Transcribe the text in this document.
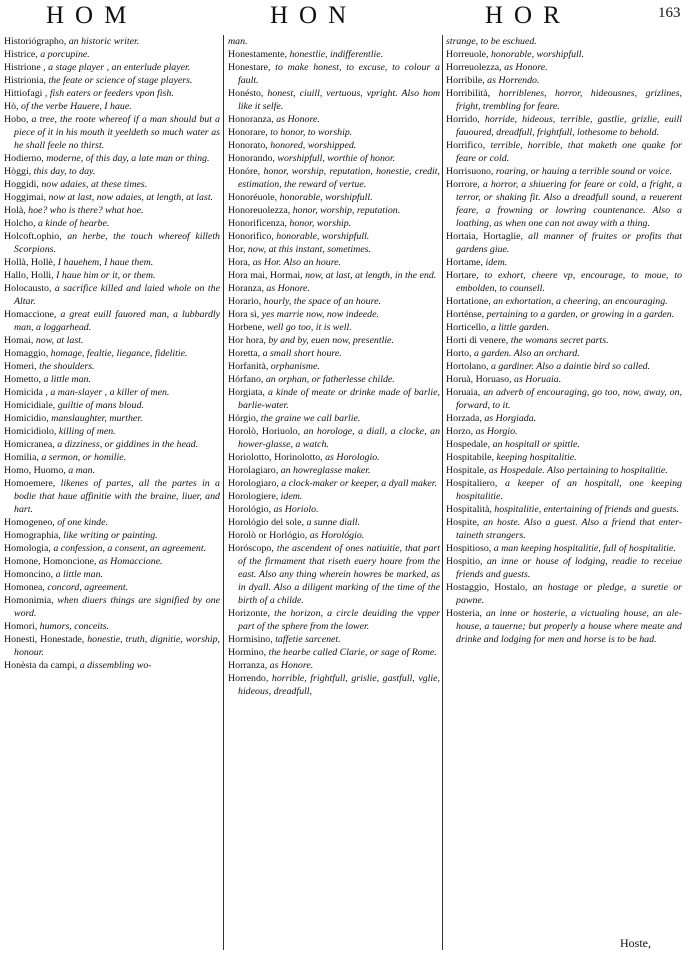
HOM	HON	HOR	163
Historiógrapho, an historic writer.
Histrice, a porcupine.
Histrione , a stage player , an enterlude player.
Histrionia, the feate or science of stage players.
Hittiofagi , fish eaters or feeders vpon fish.
Hò, of the verbe Hauere, I haue.
Hobo, a tree, the roote whereof if a man should but a piece of it in his mouth it yeeldeth so much water as he shall feele no thirst.
Hodierno, moderne, of this day, a late man or thing.
Hòggi, this day, to day.
Hoggidì, now adaies, at these times.
Hoggimai, now at last, now adaies, at length, at last.
Holà, hoe? who is there? what hoe.
Holcho, a kinde of hearbe.
Holcoft.ophio, an herbe, the touch whereof killeth Scorpions.
Hollà, Hollè, I hauehem, I haue them.
Hallo, Holli, I haue him or it, or them.
Holocausto, a sacrifice killed and laied whole on the Altar.
Homaccione, a great euill fauored man, a lubbardly man, a loggarhead.
Homai, now, at last.
Homaggio, homage, fealtie, liegance, fidelitie.
Homeri, the shoulders.
Hometto, a little man.
Homicida , a man-slayer , a killer of men.
Homicidiale, guiltie of mans bloud.
Homicidio, manslaughter, murther.
Homicidiolo, killing of men.
Homicranea, a dizziness, or giddines in the head.
Homilia, a sermon, or homilie.
Homo, Huomo, a man.
Homoemere, likenes of partes, all the partes in a bodie that haue affinitie with the braine, liuer, and hart.
Homogeneo, of one kinde.
Homographia, like writing or painting.
Homologia, a confession, a consent, an agreement.
Homone, Homoncione, as Homaccione.
Homoncino, a little man.
Homonea, concord, agreement.
Homonimia, when diuers things are signified by one word.
Homori, humors, conceits.
Honesti, Honestade, honestie, truth, dignitie, worship, honour.
Honèsta da campi, a dissembling wo-
man.
Honestamente, honestlie, indifferentlie.
Honestare, to make honest, to excuse, to colour a fault.
Honésto, honest, ciuill, vertuous, vpright. Also hom like it selfe.
Honoranza, as Honore.
Honorare, to honor, to worship.
Honorato, honored, worshipped.
Honorando, worshipfull, worthie of honor.
Honóre, honor, worship, reputation, honestie, credit, estimation, the reward of vertue.
Honoréuole, honorable, worshipfull.
Honoreuolezza, honor, worship, reputation.
Honorificenza, honor, worship.
Honorifico, honorable, worshipfull.
Hor, now, at this instant, sometimes.
Hora, as Hor. Also an houre.
Hora mai, Hormai, now, at last, at length, in the end.
Horanza, as Honore.
Horario, hourly, the space of an houre.
Hora sì, yes marrie now, now indeede.
Horbene, well go too, it is well.
Hor hora, by and by, euen now, presentlie.
Horetta, a small short houre.
Horfanità, orphanisme.
Hórfano, an orphan, or fatherlesse childe.
Horgiata, a kinde of meate or drinke made of barlie, barlie-water.
Hórgio, the graine we call barlie.
Horolò, Horiuolo, an horologe, a diall, a clocke, an hower-glasse, a watch.
Horiolotto, Horinolotto, as Horologio.
Horolagiaro, an howreglasse maker.
Horologiaro, a clock-maker or keeper, a dyall maker.
Horologiere, idem.
Horológio, as Horiolo.
Horológio del sole, a sunne diall.
Horolò or Horlógio, as Horológio.
Horóscopo, the ascendent of ones natiuitie, that part of the firmament that riseth euery houre from the east. Also any thing wherein howres be marked, as in dyall. Also a diligent marking of the time of the birth of a childe.
Horizonte, the horizon, a circle deuiding the vpper part of the sphere from the lower.
Hormisino, taffetie sarcenet.
Hormino, the hearbe called Clarie, or sage of Rome.
Horranza, as Honore.
Horrendo, horrible, frightfull, grislie, gastfull, vglie, hideous, dreadfull,
strange, to be eschued.
Horreuole, honorable, worshipfull.
Horreuolezza, as Honore.
Horribile, as Horrendo.
Horribilità, horriblenes, horror, hideousnes, grizlines, fright, trembling for feare.
Horrido, horride, hideous, terrible, gastlie, grizlie, euill fauoured, dreadfull, frightfull, lothesome to behold.
Horrifico, terrible, horrible, that maketh one quake for feare or cold.
Horrisuono, roaring, or hauing a terrible sound or voice.
Horrore, a horror, a shiuering for feare or cold, a fright, a terror, or shaking fit. Also a dreadfull sound, a reuerent feare, a frowning or lowring countenance. Also a loathing, as when one can not away with a thing.
Hortaia, Hortaglie, all manner of fruites or profits that gardens giue.
Hortame, idem.
Hortare, to exhort, cheere vp, encourage, to moue, to embolden, to counsell.
Hortatione, an exhortation, a cheering, an encouraging.
Horténse, pertaining to a garden, or growing in a garden.
Horticello, a little garden.
Horti di venere, the womans secret parts.
Horto, a garden. Also an orchard.
Hortolano, a gardiner. Also a daintie bird so called.
Horuà, Horuaso, as Horuaia.
Horuaia, an adverb of encouraging, go too, now, away, on, forward, to it.
Horzada, as Horgiada.
Horzo, as Horgio.
Hospedale, an hospitall or spittle.
Hospitabile, keeping hospitalitie.
Hospitale, as Hospedale. Also pertaining to hospitalitie.
Hospitaliero, a keeper of an hospitall, one keeping hospitalitie.
Hospitalità, hospitalitie, entertaining of friends and guests.
Hospite, an hoste. Also a guest. Also a friend that enter-taineth strangers.
Hospitioso, a man keeping hospitalitie, full of hospitalitie.
Hospitio, an inne or house of lodging, readie to receiue friends and guests.
Hostaggio, Hostalo, an hostage or pledge, a suretie or pawne.
Hosteria, an inne or hosterie, a victualing house, an ale-house, a tauerne; but properly a house where meate and drinke and lodging for men and horse is to be had.
Hoste,
